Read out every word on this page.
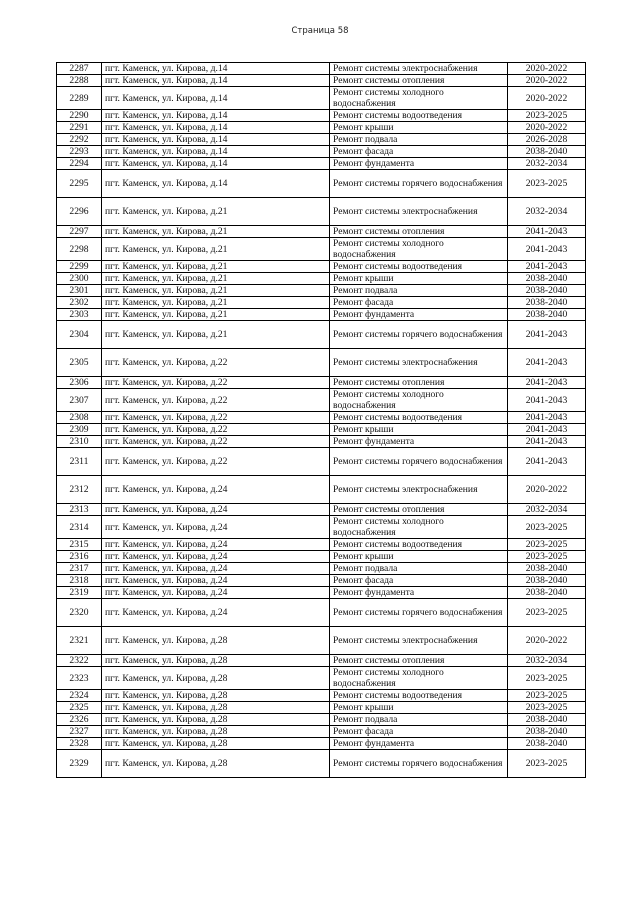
Страница 58
2287	пгт. Каменск, ул. Кирова, д.14	Ремонт системы электроснабжения	2020-2022
2288	пгт. Каменск, ул. Кирова, д.14	Ремонт системы отопления	2020-2022
2289	пгт. Каменск, ул. Кирова, д.14	Ремонт системы холодного водоснабжения	2020-2022
2290	пгт. Каменск, ул. Кирова, д.14	Ремонт системы водоотведения	2023-2025
2291	пгт. Каменск, ул. Кирова, д.14	Ремонт крыши	2020-2022
2292	пгт. Каменск, ул. Кирова, д.14	Ремонт подвала	2026-2028
2293	пгт. Каменск, ул. Кирова, д.14	Ремонт фасада	2038-2040
2294	пгт. Каменск, ул. Кирова, д.14	Ремонт фундамента	2032-2034
2295	пгт. Каменск, ул. Кирова, д.14	Ремонт системы горячего водоснабжения	2023-2025
2296	пгт. Каменск, ул. Кирова, д.21	Ремонт системы электроснабжения	2032-2034
2297	пгт. Каменск, ул. Кирова, д.21	Ремонт системы отопления	2041-2043
2298	пгт. Каменск, ул. Кирова, д.21	Ремонт системы холодного водоснабжения	2041-2043
2299	пгт. Каменск, ул. Кирова, д.21	Ремонт системы водоотведения	2041-2043
2300	пгт. Каменск, ул. Кирова, д.21	Ремонт крыши	2038-2040
2301	пгт. Каменск, ул. Кирова, д.21	Ремонт подвала	2038-2040
2302	пгт. Каменск, ул. Кирова, д.21	Ремонт фасада	2038-2040
2303	пгт. Каменск, ул. Кирова, д.21	Ремонт фундамента	2038-2040
2304	пгт. Каменск, ул. Кирова, д.21	Ремонт системы горячего водоснабжения	2041-2043
2305	пгт. Каменск, ул. Кирова, д.22	Ремонт системы электроснабжения	2041-2043
2306	пгт. Каменск, ул. Кирова, д.22	Ремонт системы отопления	2041-2043
2307	пгт. Каменск, ул. Кирова, д.22	Ремонт системы холодного водоснабжения	2041-2043
2308	пгт. Каменск, ул. Кирова, д.22	Ремонт системы водоотведения	2041-2043
2309	пгт. Каменск, ул. Кирова, д.22	Ремонт крыши	2041-2043
2310	пгт. Каменск, ул. Кирова, д.22	Ремонт фундамента	2041-2043
2311	пгт. Каменск, ул. Кирова, д.22	Ремонт системы горячего водоснабжения	2041-2043
2312	пгт. Каменск, ул. Кирова, д.24	Ремонт системы электроснабжения	2020-2022
2313	пгт. Каменск, ул. Кирова, д.24	Ремонт системы отопления	2032-2034
2314	пгт. Каменск, ул. Кирова, д.24	Ремонт системы холодного водоснабжения	2023-2025
2315	пгт. Каменск, ул. Кирова, д.24	Ремонт системы водоотведения	2023-2025
2316	пгт. Каменск, ул. Кирова, д.24	Ремонт крыши	2023-2025
2317	пгт. Каменск, ул. Кирова, д.24	Ремонт подвала	2038-2040
2318	пгт. Каменск, ул. Кирова, д.24	Ремонт фасада	2038-2040
2319	пгт. Каменск, ул. Кирова, д.24	Ремонт фундамента	2038-2040
2320	пгт. Каменск, ул. Кирова, д.24	Ремонт системы горячего водоснабжения	2023-2025
2321	пгт. Каменск, ул. Кирова, д.28	Ремонт системы электроснабжения	2020-2022
2322	пгт. Каменск, ул. Кирова, д.28	Ремонт системы отопления	2032-2034
2323	пгт. Каменск, ул. Кирова, д.28	Ремонт системы холодного водоснабжения	2023-2025
2324	пгт. Каменск, ул. Кирова, д.28	Ремонт системы водоотведения	2023-2025
2325	пгт. Каменск, ул. Кирова, д.28	Ремонт крыши	2023-2025
2326	пгт. Каменск, ул. Кирова, д.28	Ремонт подвала	2038-2040
2327	пгт. Каменск, ул. Кирова, д.28	Ремонт фасада	2038-2040
2328	пгт. Каменск, ул. Кирова, д.28	Ремонт фундамента	2038-2040
2329	пгт. Каменск, ул. Кирова, д.28	Ремонт системы горячего водоснабжения	2023-2025
